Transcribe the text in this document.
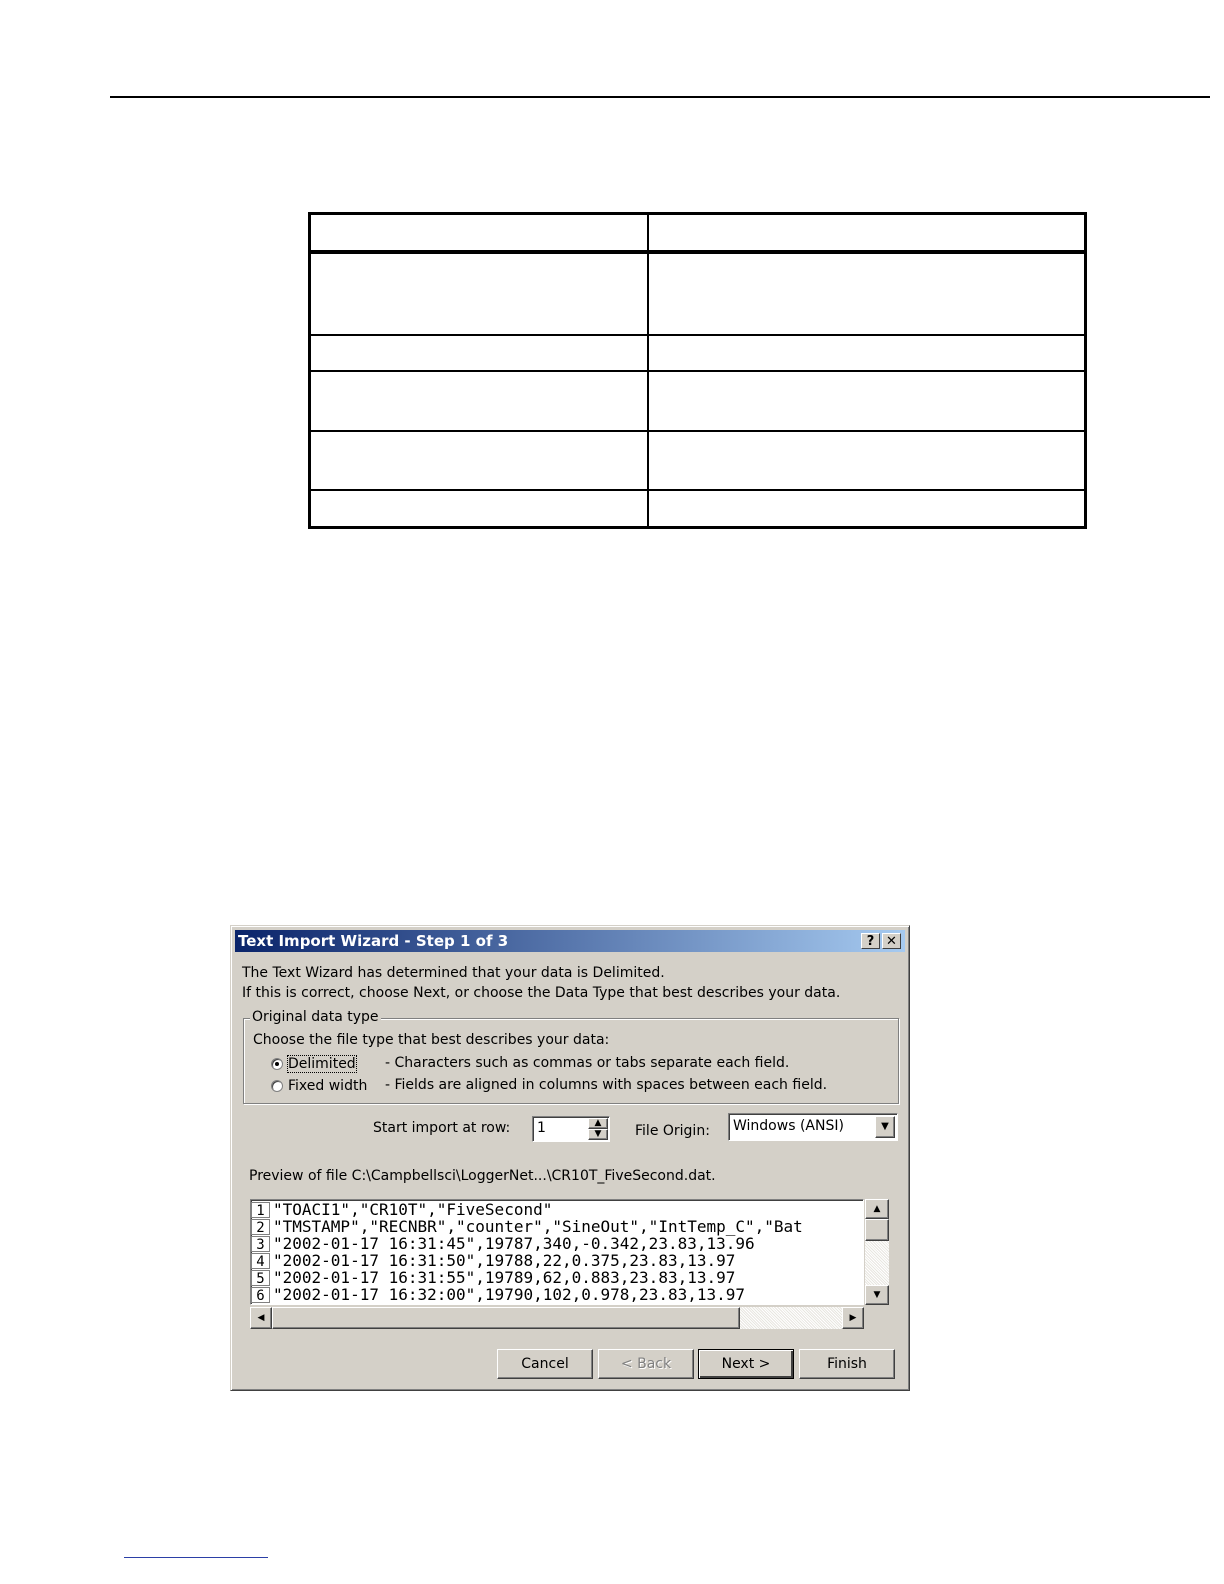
Text Import Wizard - Step 1 of 3	? ✕
The Text Wizard has determined that your data is Delimited.
If this is correct, choose Next, or choose the Data Type that best describes your data.
Original data type
Choose the file type that best describes your data:
Delimited - Characters such as commas or tabs separate each field.
Fixed width - Fields are aligned in columns with spaces between each field.
Start import at row: 1	▲
▼	File Origin: Windows (ANSI)	▼
Preview of file C:\Campbellsci\LoggerNet...\CR10T_FiveSecond.dat.
1 "TOACI1","CR10T","FiveSecond"
2 "TMSTAMP","RECNBR","counter","SineOut","IntTemp_C","Bat
3 "2002-01-17 16:31:45",19787,340,-0.342,23.83,13.96
4 "2002-01-17 16:31:50",19788,22,0.375,23.83,13.97
5 "2002-01-17 16:31:55",19789,62,0.883,23.83,13.97
6 "2002-01-17 16:32:00",19790,102,0.978,23.83,13.97
▲
▼
◀	▶
Cancel	< Back	Next >	Finish
